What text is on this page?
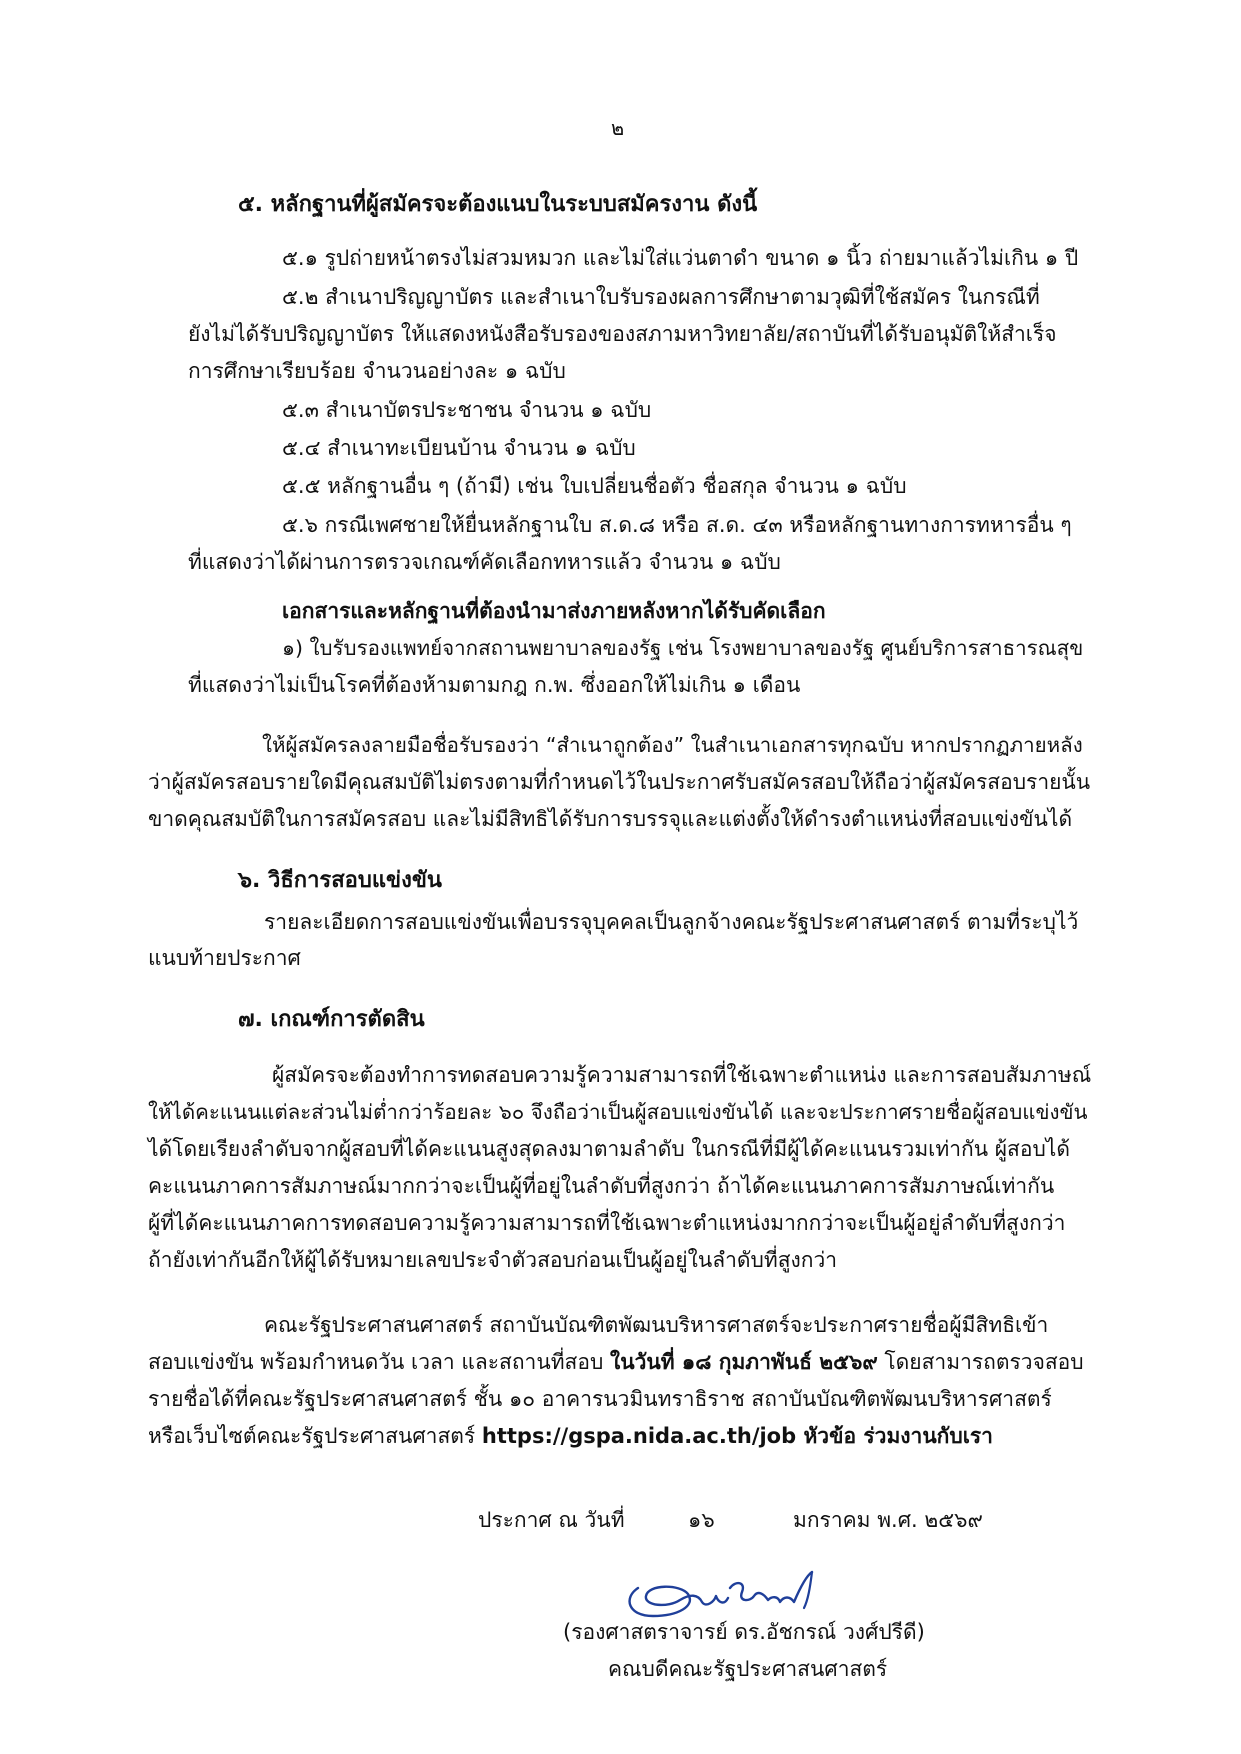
๒
๕. หลักฐานที่ผู้สมัครจะต้องแนบในระบบสมัครงาน ดังนี้
๕.๑ รูปถ่ายหน้าตรงไม่สวมหมวก และไม่ใส่แว่นตาดำ ขนาด ๑ นิ้ว ถ่ายมาแล้วไม่เกิน ๑ ปี
๕.๒ สำเนาปริญญาบัตร และสำเนาใบรับรองผลการศึกษาตามวุฒิที่ใช้สมัคร ในกรณีที่
ยังไม่ได้รับปริญญาบัตร ให้แสดงหนังสือรับรองของสภามหาวิทยาลัย/สถาบันที่ได้รับอนุมัติให้สำเร็จ
การศึกษาเรียบร้อย จำนวนอย่างละ ๑ ฉบับ
๕.๓ สำเนาบัตรประชาชน จำนวน ๑ ฉบับ
๕.๔ สำเนาทะเบียนบ้าน จำนวน ๑ ฉบับ
๕.๕ หลักฐานอื่น ๆ (ถ้ามี) เช่น ใบเปลี่ยนชื่อตัว ชื่อสกุล จำนวน ๑ ฉบับ
๕.๖ กรณีเพศชายให้ยื่นหลักฐานใบ ส.ด.๘ หรือ ส.ด. ๔๓ หรือหลักฐานทางการทหารอื่น ๆ
ที่แสดงว่าได้ผ่านการตรวจเกณฑ์คัดเลือกทหารแล้ว จำนวน ๑ ฉบับ
เอกสารและหลักฐานที่ต้องนำมาส่งภายหลังหากได้รับคัดเลือก
๑) ใบรับรองแพทย์จากสถานพยาบาลของรัฐ เช่น โรงพยาบาลของรัฐ ศูนย์บริการสาธารณสุข
ที่แสดงว่าไม่เป็นโรคที่ต้องห้ามตามกฎ ก.พ. ซึ่งออกให้ไม่เกิน ๑ เดือน
ให้ผู้สมัครลงลายมือชื่อรับรองว่า “สำเนาถูกต้อง” ในสำเนาเอกสารทุกฉบับ หากปรากฏภายหลัง
ว่าผู้สมัครสอบรายใดมีคุณสมบัติไม่ตรงตามที่กำหนดไว้ในประกาศรับสมัครสอบให้ถือว่าผู้สมัครสอบรายนั้น
ขาดคุณสมบัติในการสมัครสอบ และไม่มีสิทธิได้รับการบรรจุและแต่งตั้งให้ดำรงตำแหน่งที่สอบแข่งขันได้
๖. วิธีการสอบแข่งขัน
รายละเอียดการสอบแข่งขันเพื่อบรรจุบุคคลเป็นลูกจ้างคณะรัฐประศาสนศาสตร์ ตามที่ระบุไว้
แนบท้ายประกาศ
๗. เกณฑ์การตัดสิน
ผู้สมัครจะต้องทำการทดสอบความรู้ความสามารถที่ใช้เฉพาะตำแหน่ง และการสอบสัมภาษณ์
ให้ได้คะแนนแต่ละส่วนไม่ต่ำกว่าร้อยละ ๖๐ จึงถือว่าเป็นผู้สอบแข่งขันได้ และจะประกาศรายชื่อผู้สอบแข่งขัน
ได้โดยเรียงลำดับจากผู้สอบที่ได้คะแนนสูงสุดลงมาตามลำดับ ในกรณีที่มีผู้ได้คะแนนรวมเท่ากัน ผู้สอบได้
คะแนนภาคการสัมภาษณ์มากกว่าจะเป็นผู้ที่อยู่ในลำดับที่สูงกว่า ถ้าได้คะแนนภาคการสัมภาษณ์เท่ากัน
ผู้ที่ได้คะแนนภาคการทดสอบความรู้ความสามารถที่ใช้เฉพาะตำแหน่งมากกว่าจะเป็นผู้อยู่ลำดับที่สูงกว่า
ถ้ายังเท่ากันอีกให้ผู้ได้รับหมายเลขประจำตัวสอบก่อนเป็นผู้อยู่ในลำดับที่สูงกว่า
คณะรัฐประศาสนศาสตร์ สถาบันบัณฑิตพัฒนบริหารศาสตร์จะประกาศรายชื่อผู้มีสิทธิเข้า
สอบแข่งขัน พร้อมกำหนดวัน เวลา และสถานที่สอบ ในวันที่ ๑๘ กุมภาพันธ์ ๒๕๖๙ โดยสามารถตรวจสอบ
รายชื่อได้ที่คณะรัฐประศาสนศาสตร์ ชั้น ๑๐ อาคารนวมินทราธิราช สถาบันบัณฑิตพัฒนบริหารศาสตร์
หรือเว็บไซต์คณะรัฐประศาสนศาสตร์ https://gspa.nida.ac.th/job หัวข้อ ร่วมงานกับเรา
ประกาศ ณ วันที่	๑๖	มกราคม พ.ศ. ๒๕๖๙
(รองศาสตราจารย์ ดร.อัชกรณ์ วงศ์ปรีดี)
คณบดีคณะรัฐประศาสนศาสตร์
